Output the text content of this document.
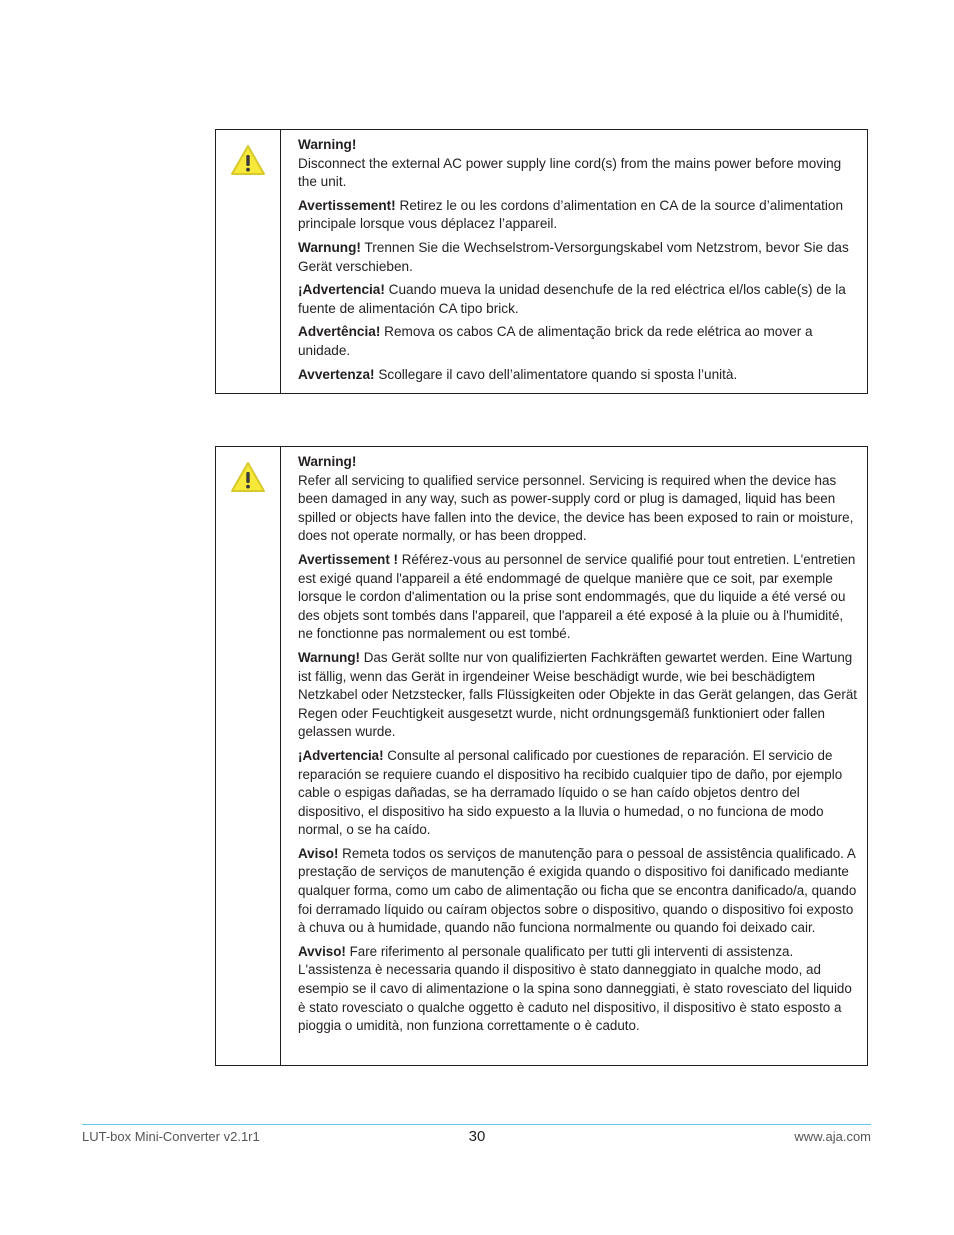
Warning!

Disconnect the external AC power supply line cord(s) from the mains power before moving the unit.

Avertissement! Retirez le ou les cordons d’alimentation en CA de la source d’alimentation principale lorsque vous déplacez l’appareil.

Warnung! Trennen Sie die Wechselstrom-Versorgungskabel vom Netzstrom, bevor Sie das Gerät verschieben.

¡Advertencia! Cuando mueva la unidad desenchufe de la red eléctrica el/los cable(s) de la fuente de alimentación CA tipo brick.

Advertência! Remova os cabos CA de alimentação brick da rede elétrica ao mover a unidade.

Avvertenza! Scollegare il cavo dell’alimentatore quando si sposta l’unità.

Warning!

Refer all servicing to qualified service personnel. Servicing is required when the device has been damaged in any way, such as power-supply cord or plug is damaged, liquid has been spilled or objects have fallen into the device, the device has been exposed to rain or moisture, does not operate normally, or has been dropped.

Avertissement ! Référez-vous au personnel de service qualifié pour tout entretien. L'entretien est exigé quand l'appareil a été endommagé de quelque manière que ce soit, par exemple lorsque le cordon d'alimentation ou la prise sont endommagés, que du liquide a été versé ou des objets sont tombés dans l'appareil, que l'appareil a été exposé à la pluie ou à l'humidité, ne fonctionne pas normalement ou est tombé.

Warnung! Das Gerät sollte nur von qualifizierten Fachkräften gewartet werden. Eine Wartung ist fällig, wenn das Gerät in irgendeiner Weise beschädigt wurde, wie bei beschädigtem Netzkabel oder Netzstecker, falls Flüssigkeiten oder Objekte in das Gerät gelangen, das Gerät Regen oder Feuchtigkeit ausgesetzt wurde, nicht ordnungsgemäß funktioniert oder fallen gelassen wurde.

¡Advertencia! Consulte al personal calificado por cuestiones de reparación. El servicio de reparación se requiere cuando el dispositivo ha recibido cualquier tipo de daño, por ejemplo cable o espigas dañadas, se ha derramado líquido o se han caído objetos dentro del dispositivo, el dispositivo ha sido expuesto a la lluvia o humedad, o no funciona de modo normal, o se ha caído.

Aviso! Remeta todos os serviços de manutenção para o pessoal de assistência qualificado. A prestação de serviços de manutenção é exigida quando o dispositivo foi danificado mediante qualquer forma, como um cabo de alimentação ou ficha que se encontra danificado/a, quando foi derramado líquido ou caíram objectos sobre o dispositivo, quando o dispositivo foi exposto à chuva ou à humidade, quando não funciona normalmente ou quando foi deixado cair.

Avviso! Fare riferimento al personale qualificato per tutti gli interventi di assistenza. L'assistenza è necessaria quando il dispositivo è stato danneggiato in qualche modo, ad esempio se il cavo di alimentazione o la spina sono danneggiati, è stato rovesciato del liquido è stato rovesciato o qualche oggetto è caduto nel dispositivo, il dispositivo è stato esposto a pioggia o umidità, non funziona correttamente o è caduto.

LUT-box Mini-Converter v2.1r1	30	www.aja.com
